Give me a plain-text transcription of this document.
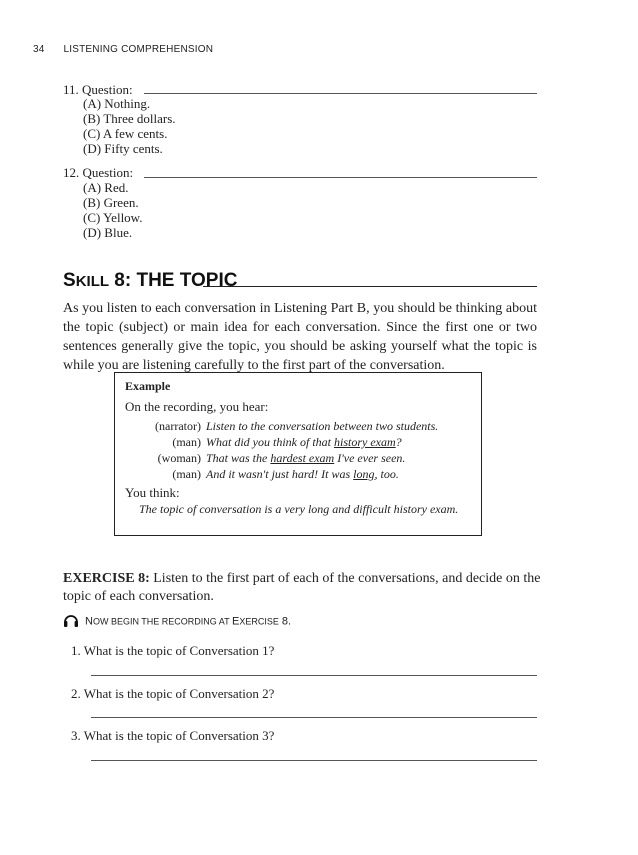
34 LISTENING COMPREHENSION
11. Question:
(A) Nothing.
(B) Three dollars.
(C) A few cents.
(D) Fifty cents.
12. Question:
(A) Red.
(B) Green.
(C) Yellow.
(D) Blue.
SKILL 8: THE TOPIC
As you listen to each conversation in Listening Part B, you should be thinking about the topic (subject) or main idea for each conversation. Since the first one or two sentences generally give the topic, you should be asking yourself what the topic is while you are listening carefully to the first part of the conversation.
Example
On the recording, you hear:
(narrator) Listen to the conversation between two students.
(man) What did you think of that history exam?
(woman) That was the hardest exam I've ever seen.
(man) And it wasn't just hard! It was long, too.
You think:
The topic of conversation is a very long and difficult history exam.
EXERCISE 8: Listen to the first part of each of the conversations, and decide on the topic of each conversation.
NOW BEGIN THE RECORDING AT EXERCISE 8.
1. What is the topic of Conversation 1?
2. What is the topic of Conversation 2?
3. What is the topic of Conversation 3?
